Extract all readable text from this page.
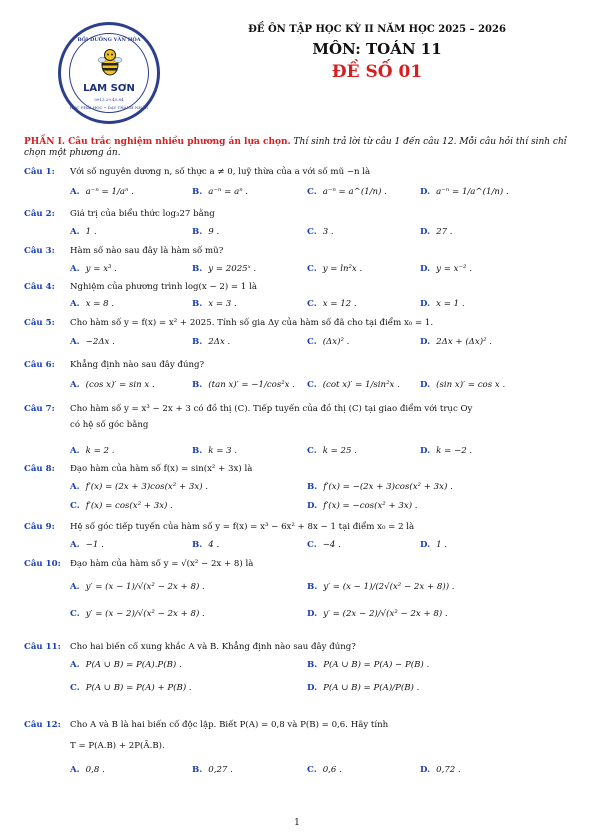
BỒI DƯỠNG VĂN HÓA
LAM SƠN
0913.29.45.84
HỌC PHẢI HỌC • DẠY THÀNH NHÂN
ĐỀ ÔN TẬP HỌC KỲ II NĂM HỌC 2025 – 2026
MÔN: TOÁN 11
ĐỀ SỐ 01
PHẦN I. Câu trắc nghiệm nhiều phương án lựa chọn. Thí sinh trả lời từ câu 1 đến câu 12. Mỗi câu hỏi thí sinh chỉ chọn một phương án.
Câu 1: Với số nguyên dương n, số thực a ≠ 0, luỹ thừa của a với số mũ −n là
A. a⁻ⁿ = 1/aⁿ .	B. a⁻ⁿ = aⁿ .	C. a⁻ⁿ = a^(1/n) .	D. a⁻ⁿ = 1/a^(1/n) .
Câu 2: Giá trị của biểu thức log₃27 bằng
A. 1 .	B. 9 .	C. 3 .	D. 27 .
Câu 3: Hàm số nào sau đây là hàm số mũ?
A. y = x³ .	B. y = 2025ˣ .	C. y = ln²x .	D. y = x⁻² .
Câu 4: Nghiệm của phương trình log(x − 2) = 1 là
A. x = 8 .	B. x = 3 .	C. x = 12 .	D. x = 1 .
Câu 5: Cho hàm số y = f(x) = x² + 2025. Tính số gia Δy của hàm số đã cho tại điểm x₀ = 1.
A. −2Δx .	B. 2Δx .	C. (Δx)² .	D. 2Δx + (Δx)² .
Câu 6: Khẳng định nào sau đây đúng?
A. (cos x)′ = sin x .	B. (tan x)′ = −1/cos²x . C. (cot x)′ = 1/sin²x . D. (sin x)′ = cos x .
Câu 7: Cho hàm số y = x³ − 2x + 3 có đồ thị (C). Tiếp tuyến của đồ thị (C) tại giao điểm với trục Oy
có hệ số góc bằng
A. k = 2 .	B. k = 3 .	C. k = 25 .	D. k = −2 .
Câu 8: Đạo hàm của hàm số f(x) = sin(x² + 3x) là
A. f′(x) = (2x + 3)cos(x² + 3x) .	B. f′(x) = −(2x + 3)cos(x² + 3x) .
C. f′(x) = cos(x² + 3x) .	D. f′(x) = −cos(x² + 3x) .
Câu 9: Hệ số góc tiếp tuyến của hàm số y = f(x) = x³ − 6x² + 8x − 1 tại điểm x₀ = 2 là
A. −1 .	B. 4 .	C. −4 .	D. 1 .
Câu 10: Đạo hàm của hàm số y = √(x² − 2x + 8) là
A. y′ = (x − 1)/√(x² − 2x + 8) .	B. y′ = (x − 1)/(2√(x² − 2x + 8)) .
C. y′ = (x − 2)/√(x² − 2x + 8) .	D. y′ = (2x − 2)/√(x² − 2x + 8) .
Câu 11: Cho hai biến cố xung khắc A và B. Khẳng định nào sau đây đúng?
A. P(A ∪ B) = P(A).P(B) .	B. P(A ∪ B) = P(A) − P(B) .
C. P(A ∪ B) = P(A) + P(B) .	D. P(A ∪ B) = P(A)/P(B) .
Câu 12: Cho A và B là hai biến cố độc lập. Biết P(A) = 0,8 và P(B) = 0,6. Hãy tính
T = P(A.B) + 2P(Ā.B).
A. 0,8 .	B. 0,27 .	C. 0,6 .	D. 0,72 .
1
